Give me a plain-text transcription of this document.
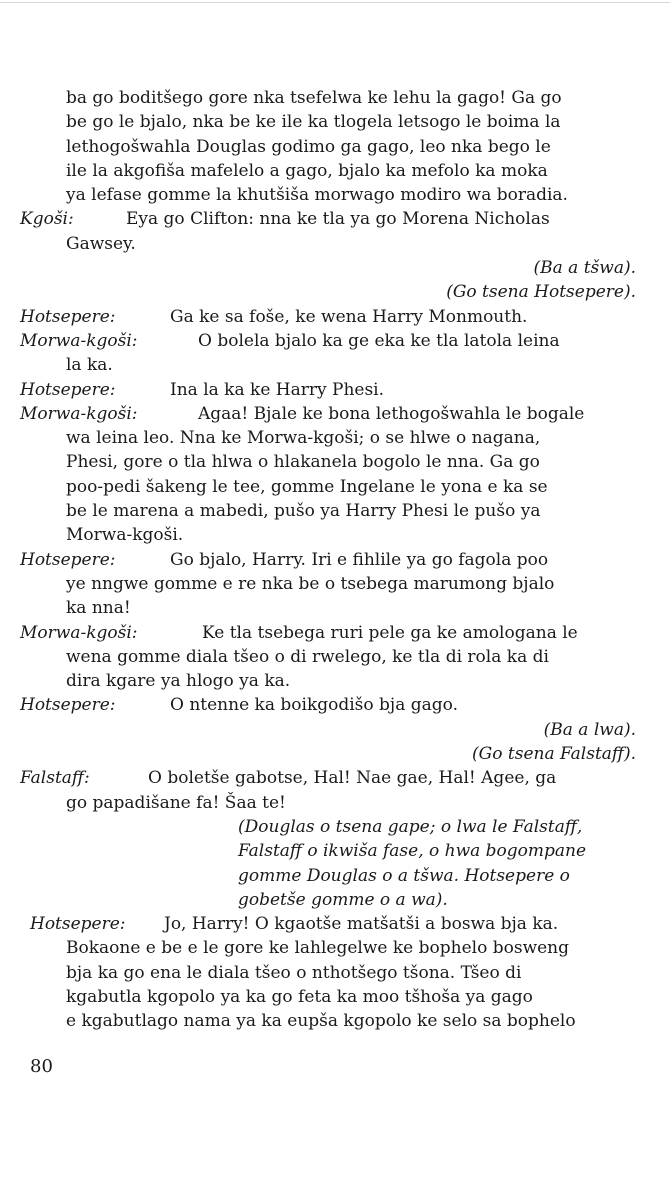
ba go boditšego gore nka tsefelwa ke lehu la gago! Ga go
be go le bjalo, nka be ke ile ka tlogela letsogo le boima la
lethogošwahla Douglas godimo ga gago, leo nka bego le
ile la akgofiša mafelelo a gago, bjalo ka mefolo ka moka
ya lefase gomme la khutšiša morwago modiro wa boradia.
Kgoši:	Eya go Clifton: nna ke tla ya go Morena Nicholas
Gawsey.
(Ba a tšwa).
(Go tsena Hotsepere).
Hotsepere:	Ga ke sa foše, ke wena Harry Monmouth.
Morwa-kgoši:	O bolela bjalo ka ge eka ke tla latola leina
la ka.
Hotsepere:	Ina la ka ke Harry Phesi.
Morwa-kgoši:	Agaa! Bjale ke bona lethogošwahla le bogale
wa leina leo. Nna ke Morwa-kgoši; o se hlwe o nagana,
Phesi, gore o tla hlwa o hlakanela bogolo le nna. Ga go
poo-pedi šakeng le tee, gomme Ingelane le yona e ka se
be le marena a mabedi, pušo ya Harry Phesi le pušo ya
Morwa-kgoši.
Hotsepere:	Go bjalo, Harry. Iri e fihlile ya go fagola poo
ye nngwe gomme e re nka be o tsebega marumong bjalo
ka nna!
Morwa-kgoši:	Ke tla tsebega ruri pele ga ke amologana le
wena gomme diala tšeo o di rwelego, ke tla di rola ka di
dira kgare ya hlogo ya ka.
Hotsepere:	O ntenne ka boikgodišo bja gago.
(Ba a lwa).
(Go tsena Falstaff).
Falstaff:	O boletše gabotse, Hal! Nae gae, Hal! Agee, ga
go papadišane fa! Šaa te!
(Douglas o tsena gape; o lwa le Falstaff,
Falstaff o ikwiša fase, o hwa bogompane
gomme Douglas o a tšwa. Hotsepere o
gobetše gomme o a wa).
Hotsepere: Jo, Harry! O kgaotše matšatši a boswa bja ka.
Bokaone e be e le gore ke lahlegelwe ke bophelo bosweng
bja ka go ena le diala tšeo o nthotšego tšona. Tšeo di
kgabutla kgopolo ya ka go feta ka moo tšhoša ya gago
e kgabutlago nama ya ka eupša kgopolo ke selo sa bophelo
80
